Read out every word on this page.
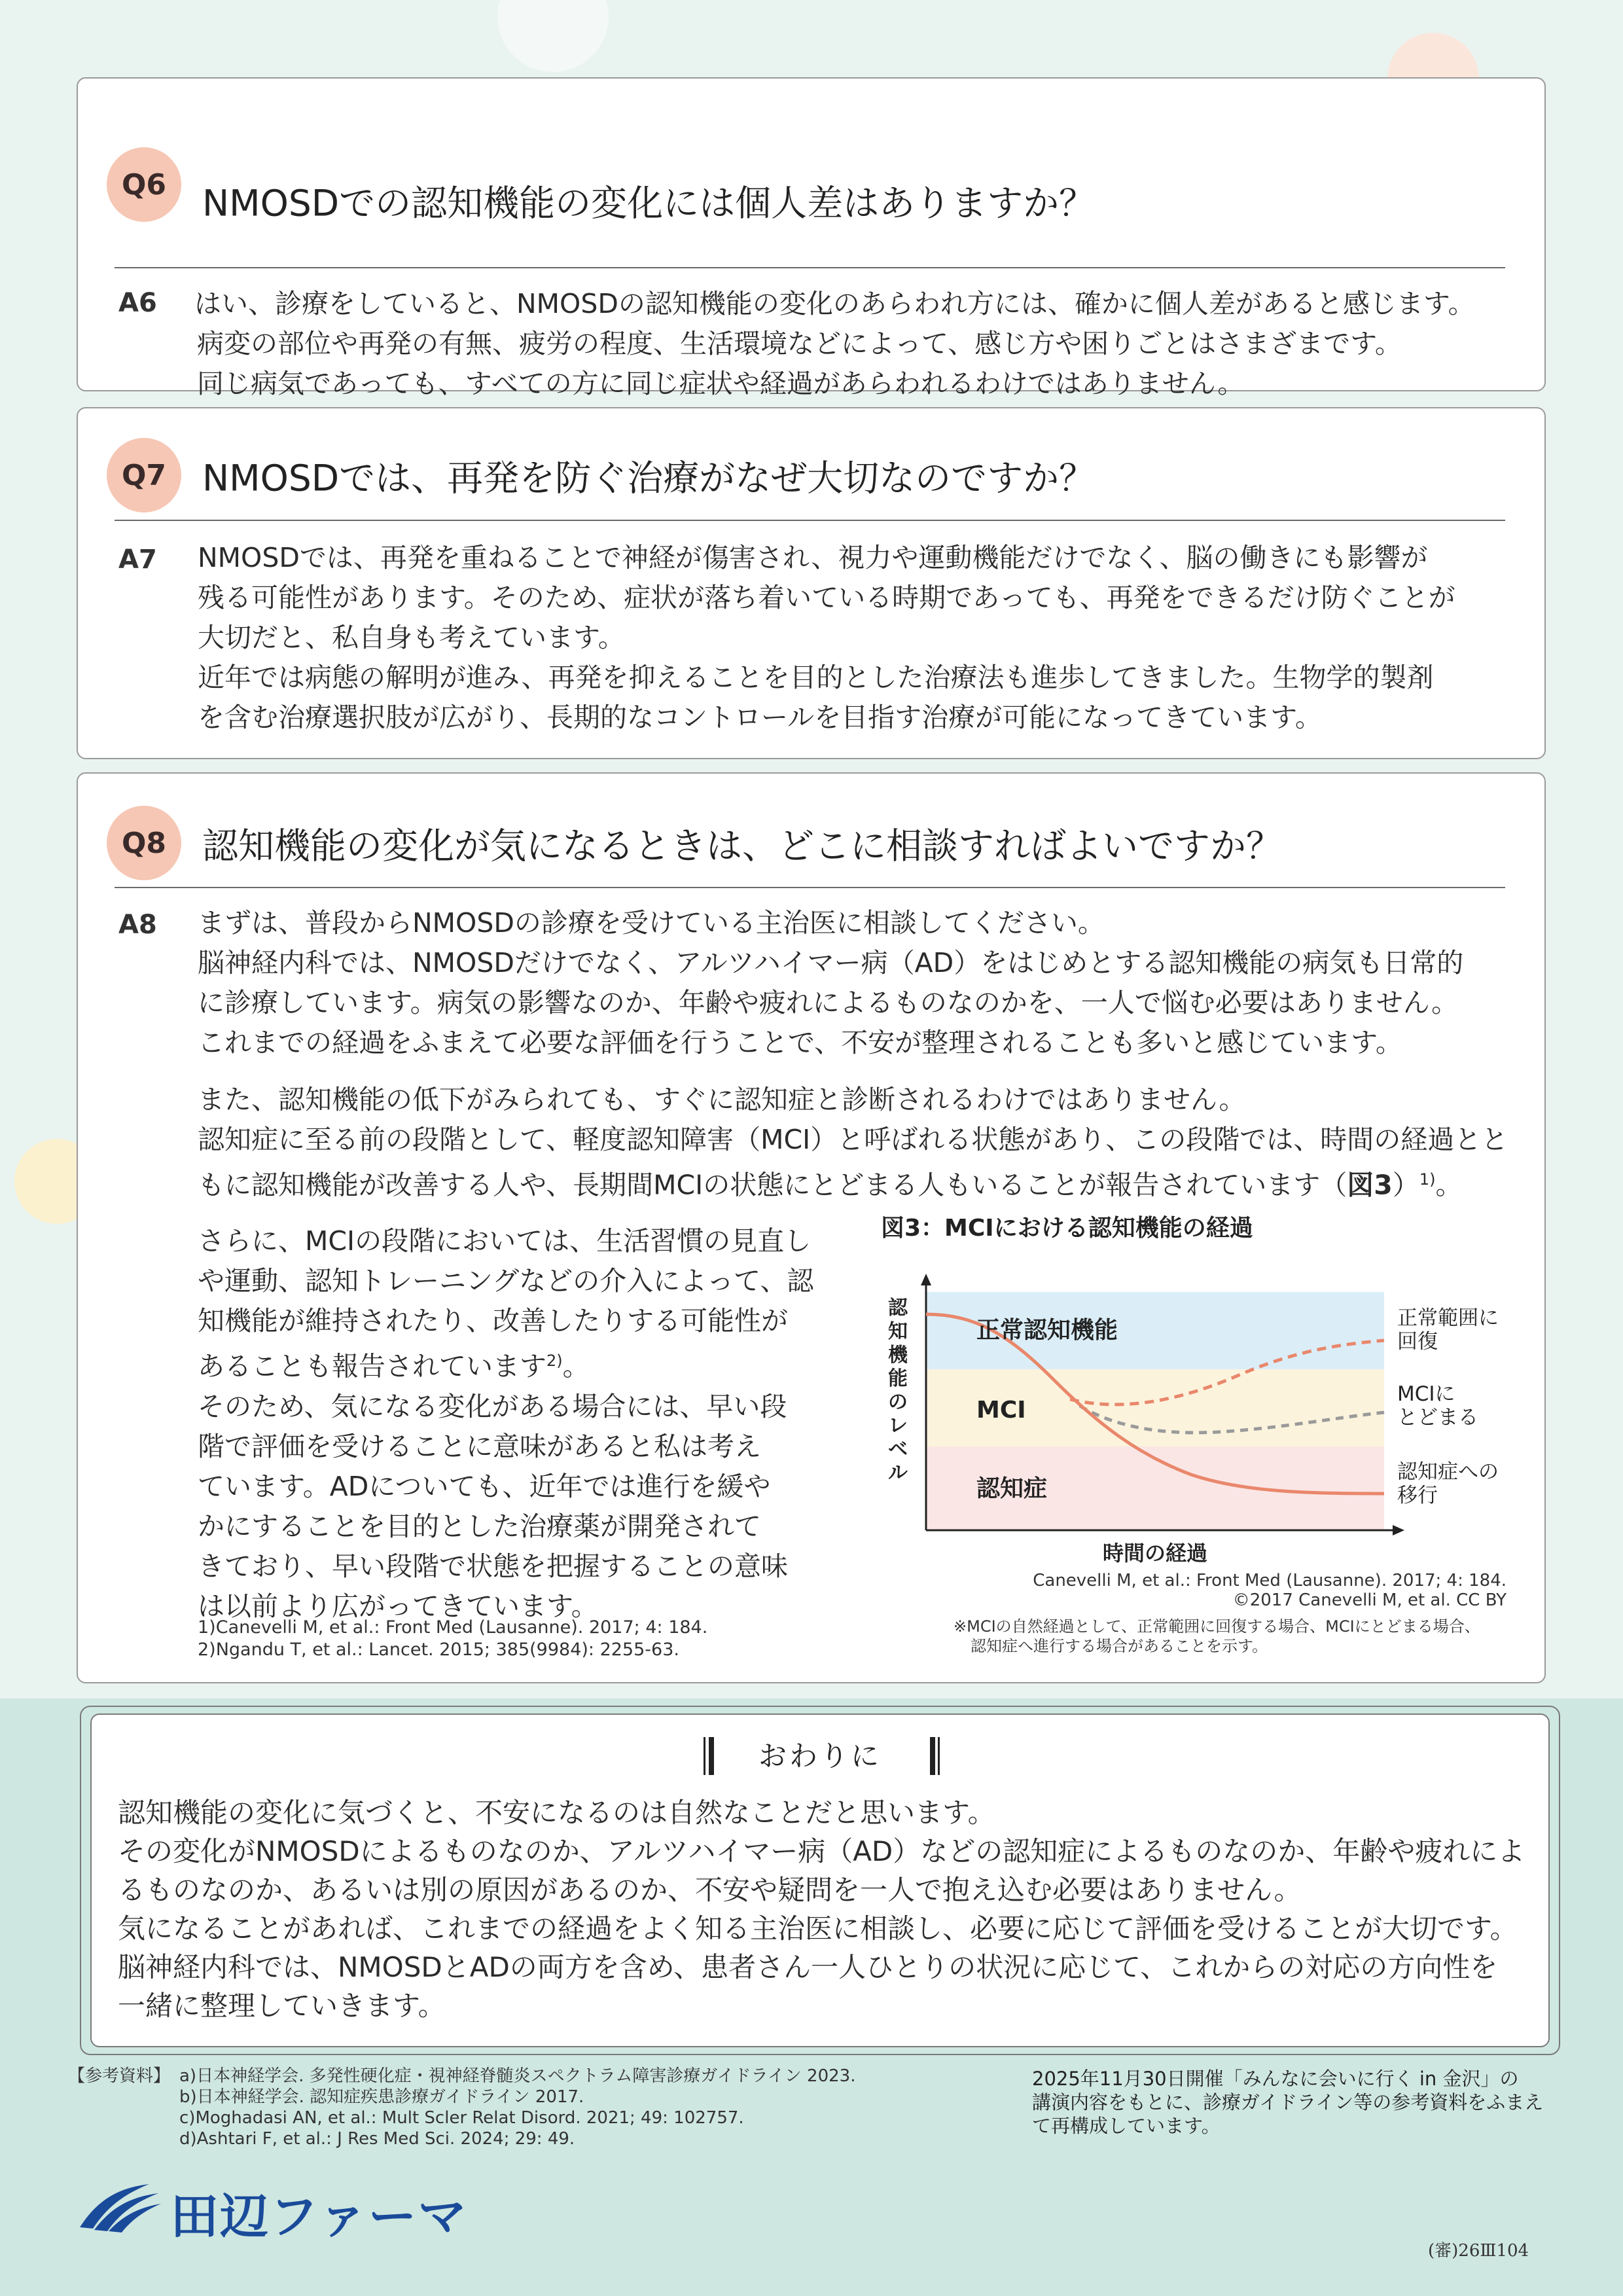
Q6 NMOSDでの認知機能の変化には個人差はありますか？
A6 はい、診療をしていると、NMOSDの認知機能の変化のあらわれ方には、確かに個人差があると感じます。

病変の部位や再発の有無、疲労の程度、生活環境などによって、感じ方や困りごとはさまざまです。

同じ病気であっても、すべての方に同じ症状や経過があらわれるわけではありません。

Q7 NMOSDでは、再発を防ぐ治療がなぜ大切なのですか？
A7 NMOSDでは、再発を重ねることで神経が傷害され、視力や運動機能だけでなく、脳の働きにも影響が

残る可能性があります。そのため、症状が落ち着いている時期であっても、再発をできるだけ防ぐことが

大切だと、私自身も考えています。

近年では病態の解明が進み、再発を抑えることを目的とした治療法も進歩してきました。生物学的製剤

を含む治療選択肢が広がり、長期的なコントロールを目指す治療が可能になってきています。

Q8 認知機能の変化が気になるときは、どこに相談すればよいですか？
A8 まずは、普段からNMOSDの診療を受けている主治医に相談してください。

脳神経内科では、NMOSDだけでなく、アルツハイマー病（AD）をはじめとする認知機能の病気も日常的

に診療しています。病気の影響なのか、年齢や疲れによるものなのかを、一人で悩む必要はありません。

これまでの経過をふまえて必要な評価を行うことで、不安が整理されることも多いと感じています。

また、認知機能の低下がみられても、すぐに認知症と診断されるわけではありません。

認知症に至る前の段階として、軽度認知障害（MCI）と呼ばれる状態があり、この段階では、時間の経過とと

もに認知機能が改善する人や、長期間MCIの状態にとどまる人もいることが報告されています（図3）$^{1)}$。

さらに、MCIの段階においては、生活習慣の見直し

や運動、認知トレーニングなどの介入によって、認

知機能が維持されたり、改善したりする可能性が

あることも報告されています$^{2)}$。

そのため、気になる変化がある場合には、早い段

階で評価を受けることに意味があると私は考え

ています。ADについても、近年では進行を緩や

かにすることを目的とした治療薬が開発されて

きており、早い段階で状態を把握することの意味

は以前より広がってきています。

1)Canevelli M, et al.: Front Med (Lausanne). 2017; 4: 184.
2)Ngandu T, et al.: Lancet. 2015; 385(9984): 2255-63.
図3：MCIにおける認知機能の経過
認
知
機
能
の
レ
ベ
ル
正常認知機能
MCI
認知症
正常範囲に
回復
MCIに
とどまる
認知症への
移行
時間の経過
Canevelli M, et al.: Front Med (Lausanne). 2017; 4: 184.
©2017 Canevelli M, et al. CC BY
※MCIの自然経過として、正常範囲に回復する場合、MCIにとどまる場合、
認知症へ進行する場合があることを示す。
おわりに

認知機能の変化に気づくと、不安になるのは自然なことだと思います。

その変化がNMOSDによるものなのか、アルツハイマー病（AD）などの認知症によるものなのか、年齢や疲れによ

るものなのか、あるいは別の原因があるのか、不安や疑問を一人で抱え込む必要はありません。

気になることがあれば、これまでの経過をよく知る主治医に相談し、必要に応じて評価を受けることが大切です。

脳神経内科では、NMOSDとADの両方を含め、患者さん一人ひとりの状況に応じて、これからの対応の方向性を

一緒に整理していきます。

【参考資料】 a)日本神経学会. 多発性硬化症・視神経脊髄炎スペクトラム障害診療ガイドライン 2023.
b)日本神経学会. 認知症疾患診療ガイドライン 2017.
c)Moghadasi AN, et al.: Mult Scler Relat Disord. 2021; 49: 102757.
d)Ashtari F, et al.: J Res Med Sci. 2024; 29: 49.
2025年11月30日開催「みんなに会いに行く in 金沢」の
講演内容をもとに、診療ガイドライン等の参考資料をふまえ
て再構成しています。
田辺ファーマ
(審)26Ⅲ104
